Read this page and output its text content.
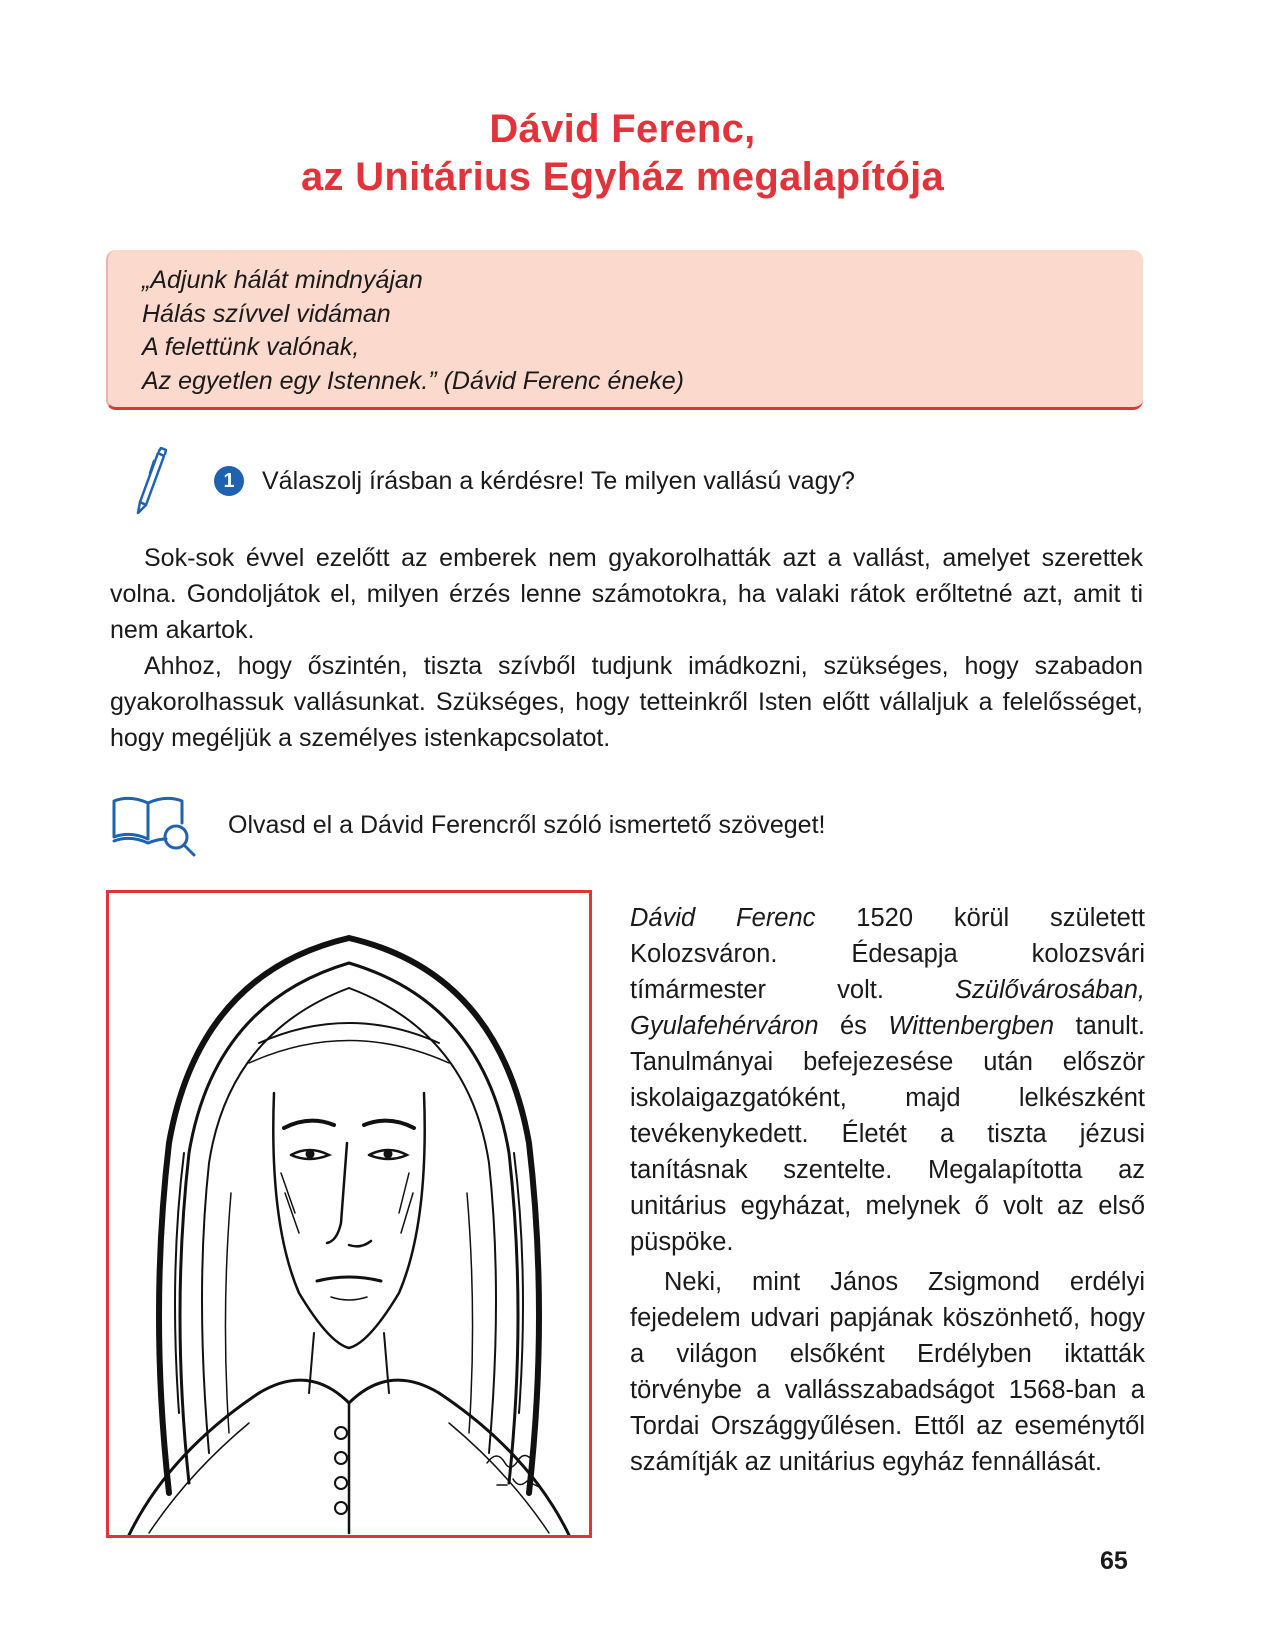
Dávid Ferenc,
az Unitárius Egyház megalapítója
„Adjunk hálát mindnyájan
Hálás szívvel vidáman
A felettünk valónak,
Az egyetlen egy Istennek.” (Dávid Ferenc éneke)
1	Válaszolj írásban a kérdésre! Te milyen vallású vagy?

Sok-sok évvel ezelőtt az emberek nem gyakorolhatták azt a vallást, amelyet szerettek volna. Gondoljátok el, milyen érzés lenne számotokra, ha valaki rátok erőltetné azt, amit ti nem akartok.

Ahhoz, hogy őszintén, tiszta szívből tudjunk imádkozni, szükséges, hogy szabadon gyakorolhassuk vallásunkat. Szükséges, hogy tetteinkről Isten előtt vállaljuk a felelősséget, hogy megéljük a személyes istenkapcsolatot.

Olvasd el a Dávid Ferencről szóló ismertető szöveget!

Dávid Ferenc 1520 körül született Kolozsváron. Édesapja kolozsvári tímármester volt. Szülővárosában, Gyulafehérváron és Wittenbergben tanult. Tanulmányai befejezesése után először iskolaigazgatóként, majd lelkészként tevékenykedett. Életét a tiszta jézusi tanításnak szentelte. Megalapította az unitárius egyházat, melynek ő volt az első püspöke.

Neki, mint János Zsigmond erdélyi fejedelem udvari papjának köszönhető, hogy a világon elsőként Erdélyben iktatták törvénybe a vallásszabadságot 1568-ban a Tordai Országgyűlésen. Ettől az eseménytől számítják az unitárius egyház fennállását.

65
